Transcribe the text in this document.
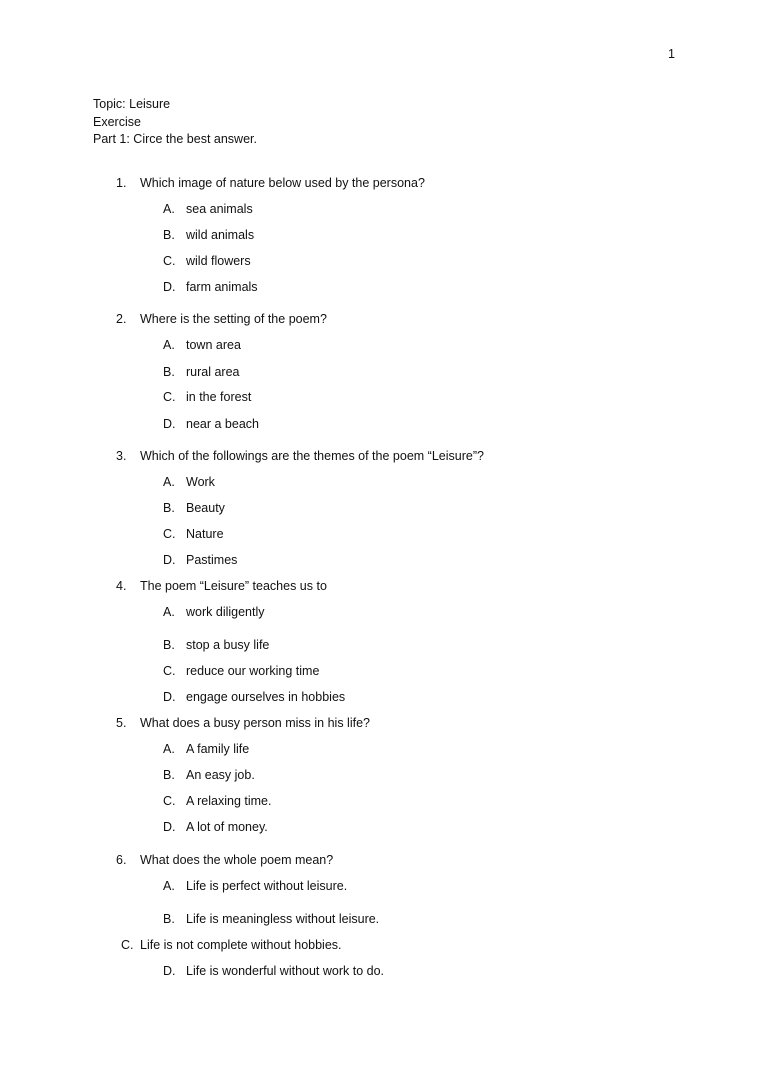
1
Topic: Leisure
Exercise
Part 1: Circe the best answer.
1. Which image of nature below used by the persona?
A. sea animals
B. wild animals
C. wild flowers
D. farm animals
2. Where is the setting of the poem?
A. town area
B. rural area
C. in the forest
D. near a beach
3. Which of the followings are the themes of the poem “Leisure”?
A. Work
B. Beauty
C. Nature
D. Pastimes
4. The poem “Leisure” teaches us to
A. work diligently
B. stop a busy life
C. reduce our working time
D. engage ourselves in hobbies
5. What does a busy person miss in his life?
A. A family life
B. An easy job.
C. A relaxing time.
D. A lot of money.
6. What does the whole poem mean?
A. Life is perfect without leisure.
B. Life is meaningless without leisure.
C. Life is not complete without hobbies.
D. Life is wonderful without work to do.
